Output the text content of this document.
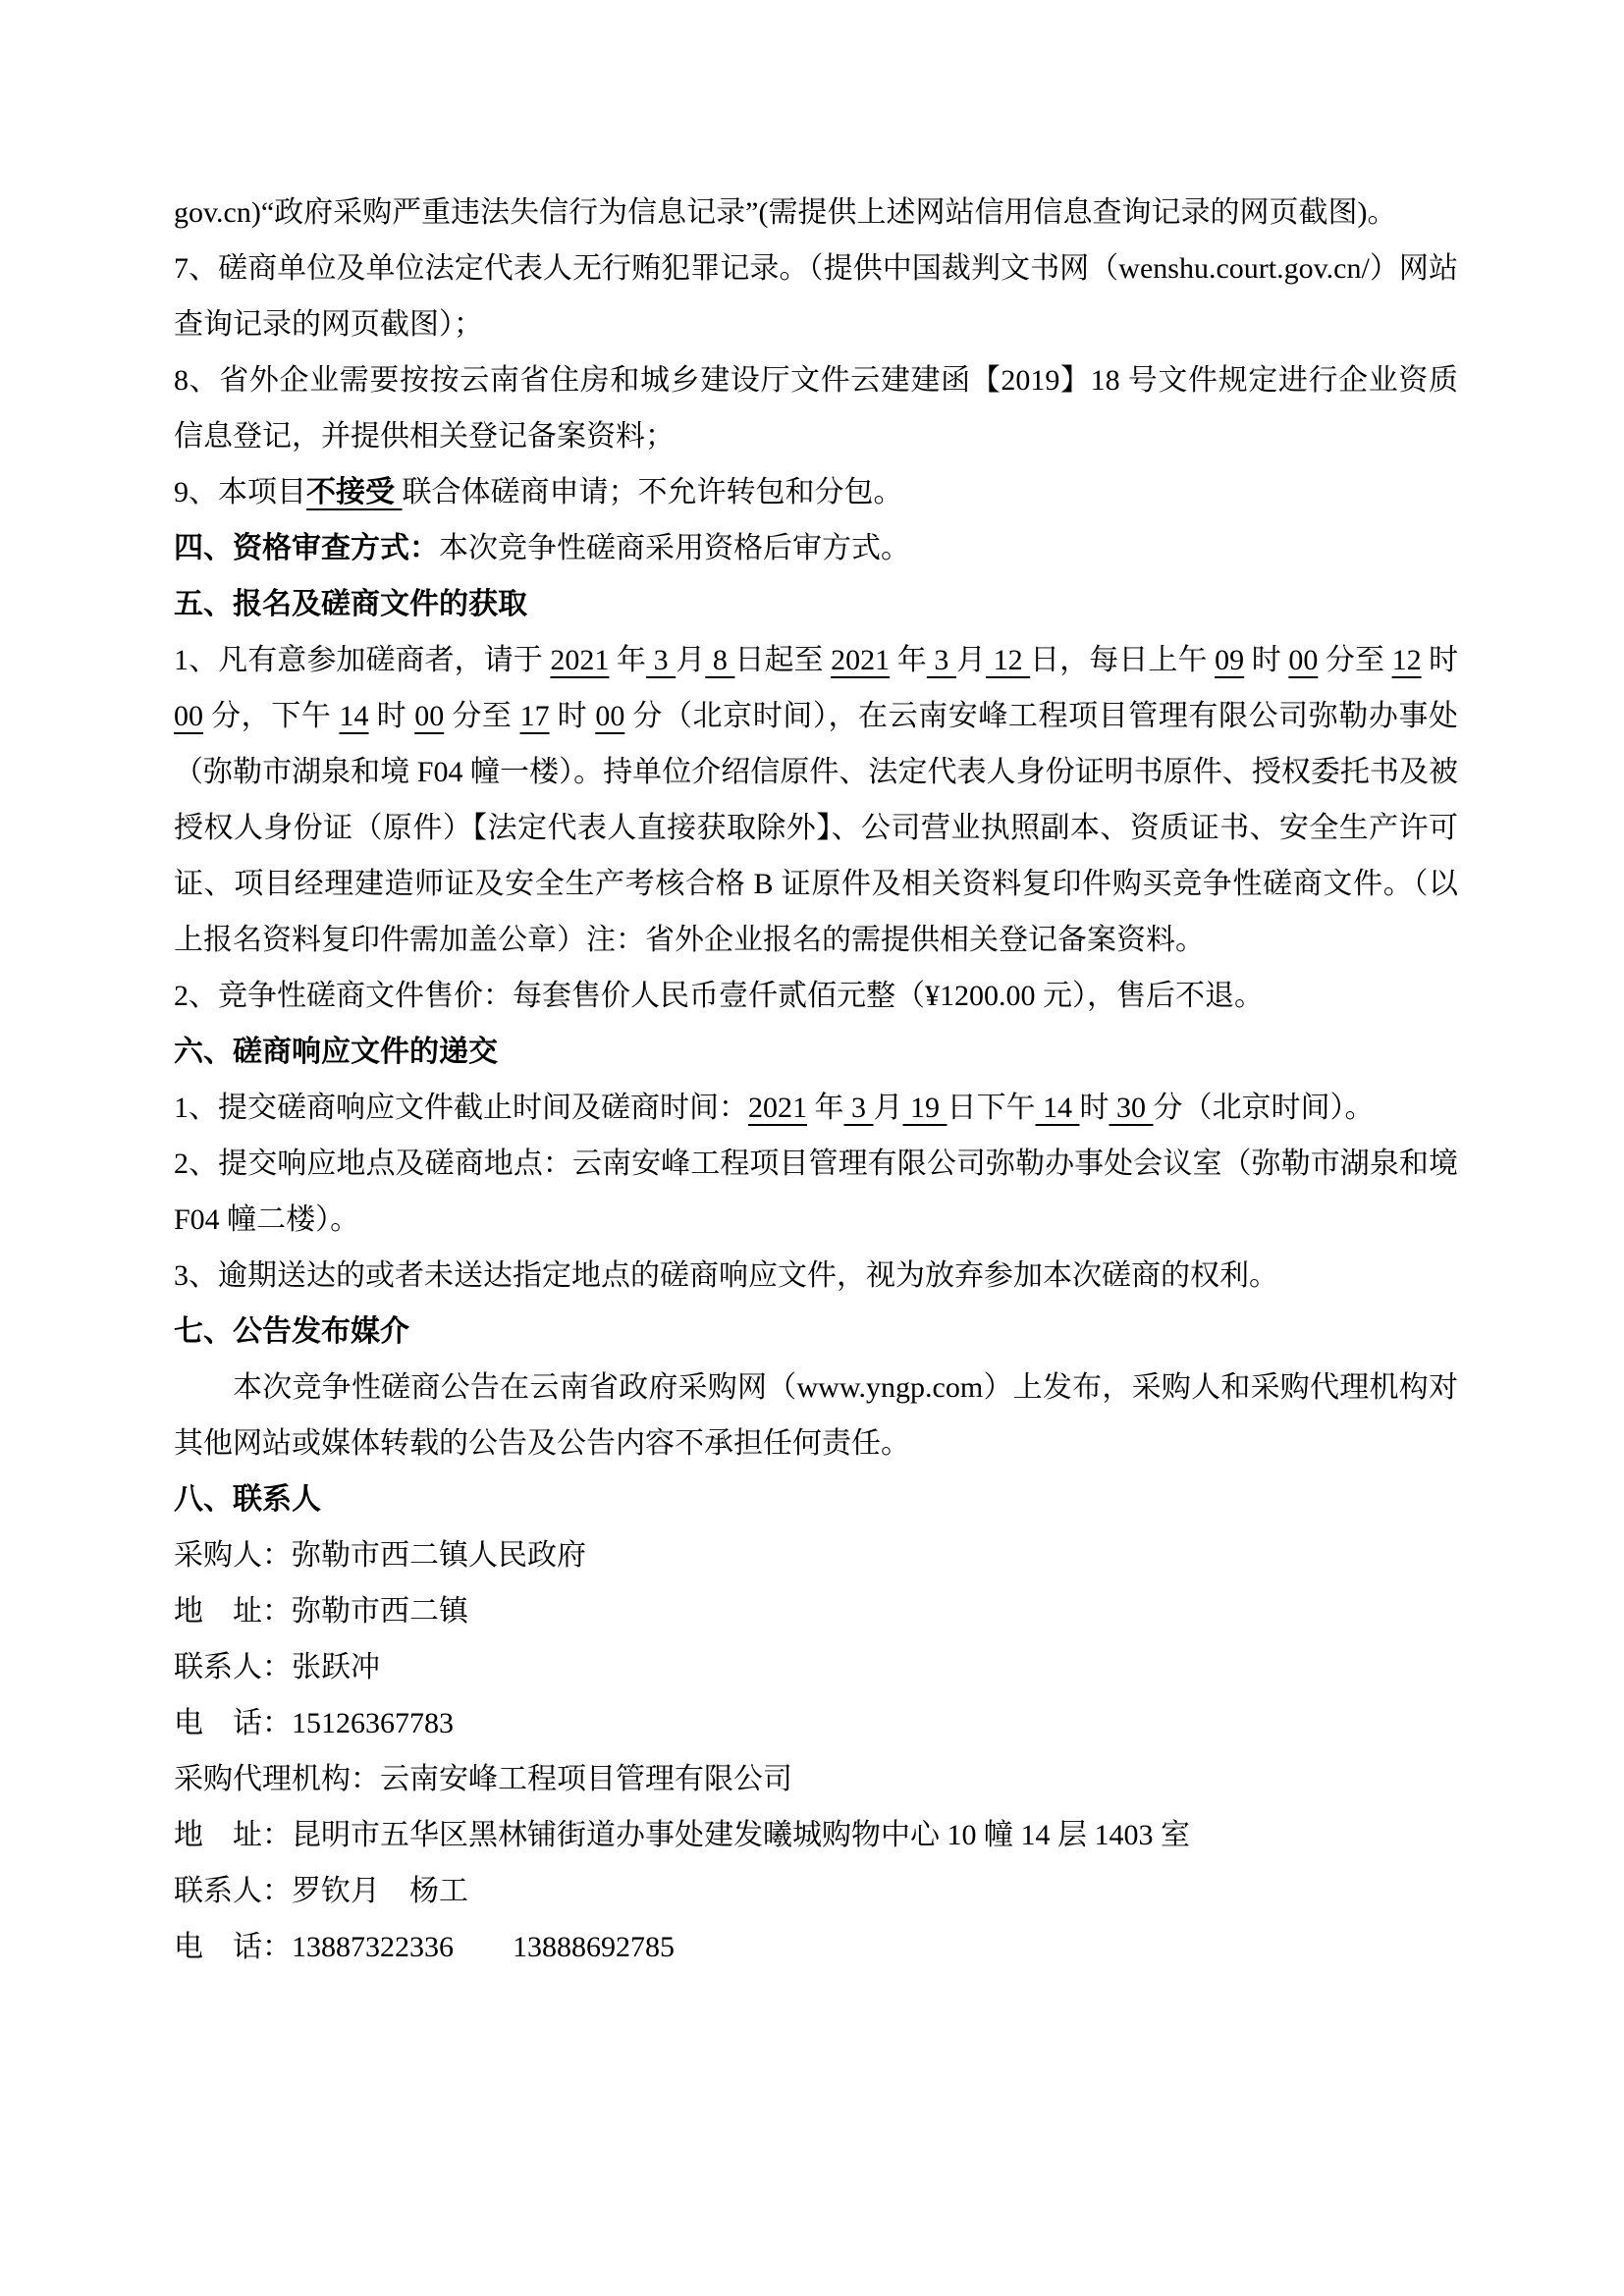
gov.cn)“政府采购严重违法失信行为信息记录”(需提供上述网站信用信息查询记录的网页截图)。

7、磋商单位及单位法定代表人无行贿犯罪记录。（提供中国裁判文书网（wenshu.court.gov.cn/）网站查询记录的网页截图）；

8、省外企业需要按按云南省住房和城乡建设厅文件云建建函【2019】18 号文件规定进行企业资质信息登记，并提供相关登记备案资料；

9、本项目不接受 联合体磋商申请；不允许转包和分包。

四、资格审查方式：本次竞争性磋商采用资格后审方式。

五、报名及磋商文件的获取

1、凡有意参加磋商者，请于 2021 年 3 月 8 日起至 2021 年 3 月 12 日，每日上午 09 时 00 分至 12 时 00 分，下午 14 时 00 分至 17 时 00 分（北京时间），在云南安峰工程项目管理有限公司弥勒办事处（弥勒市湖泉和境 F04 幢一楼）。持单位介绍信原件、法定代表人身份证明书原件、授权委托书及被授权人身份证（原件）【法定代表人直接获取除外】、公司营业执照副本、资质证书、安全生产许可证、项目经理建造师证及安全生产考核合格 B 证原件及相关资料复印件购买竞争性磋商文件。（以上报名资料复印件需加盖公章）注：省外企业报名的需提供相关登记备案资料。

2、竞争性磋商文件售价：每套售价人民币壹仟贰佰元整（¥1200.00 元），售后不退。

六、磋商响应文件的递交

1、提交磋商响应文件截止时间及磋商时间：2021 年 3 月 19 日下午 14 时 30 分（北京时间）。

2、提交响应地点及磋商地点：云南安峰工程项目管理有限公司弥勒办事处会议室（弥勒市湖泉和境 F04 幢二楼）。

3、逾期送达的或者未送达指定地点的磋商响应文件，视为放弃参加本次磋商的权利。

七、公告发布媒介

本次竞争性磋商公告在云南省政府采购网（www.yngp.com）上发布，采购人和采购代理机构对其他网站或媒体转载的公告及公告内容不承担任何责任。

八、联系人

采购人：弥勒市西二镇人民政府

地　址：弥勒市西二镇

联系人：张跃冲

电　话：15126367783

采购代理机构：云南安峰工程项目管理有限公司

地　址：昆明市五华区黑林铺街道办事处建发曦城购物中心 10 幢 14 层 1403 室

联系人：罗钦月　杨工

电　话：13887322336　　13888692785
